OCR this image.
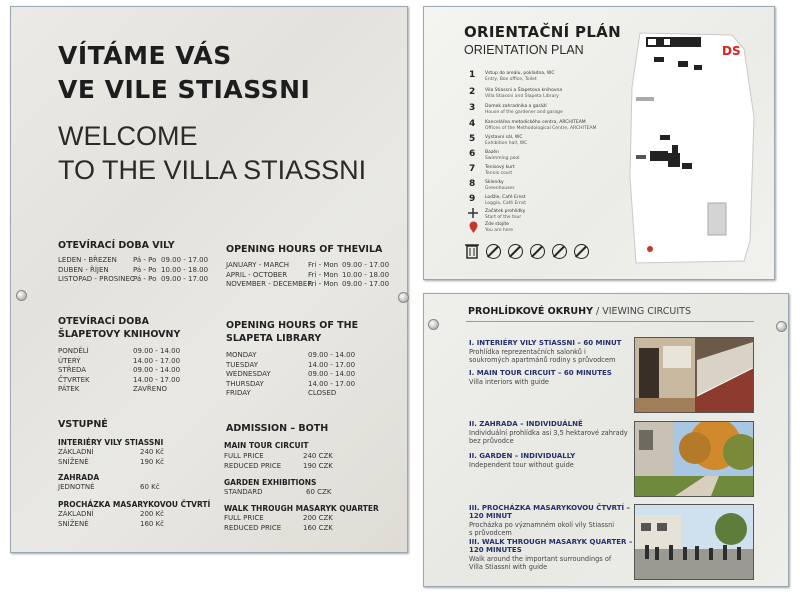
VÍTÁME VÁS
VE VILE STIASSNI
WELCOME
TO THE VILLA STIASSNI
OTEVÍRACÍ DOBA VILY
LEDEN - BŘEZEN
DUBEN - ŘÍJEN
LISTOPAD - PROSINEC
Pá - Po
Pá - Po
Pá - Po
09.00 - 17.00
10.00 - 18.00
09.00 - 17.00
OPENING HOURS OF THEVILA
JANUARY - MARCH
APRIL - OCTOBER
NOVEMBER - DECEMBER
Fri - Mon
Fri - Mon
Fri - Mon
09.00 - 17.00
10.00 - 18.00
09.00 - 17.00
OTEVÍRACÍ DOBA
ŠLAPETOVY KNIHOVNY
PONDĚLÍ
ÚTERÝ
STŘEDA
ČTVRTEK
PÁTEK
09.00 - 14.00
14.00 - 17.00
09.00 - 14.00
14.00 - 17.00
ZAVŘENO
OPENING HOURS OF THE
SLAPETA LIBRARY
MONDAY
TUESDAY
WEDNESDAY
THURSDAY
FRIDAY
09.00 - 14.00
14.00 - 17.00
09.00 - 14.00
14.00 - 17.00
CLOSED
VSTUPNÉ
INTERIÉRY VILY STIASSNI
ZÁKLADNÍ
SNÍŽENÉ
240 Kč
190 Kč
ZAHRADA
JEDNOTNÉ	60 Kč
PROCHÁZKA MASARYKOVOU ČTVRTÍ
ZÁKLADNÍ
SNÍŽENÉ
200 Kč
160 Kč
ADMISSION – BOTH
MAIN TOUR CIRCUIT
FULL PRICE
REDUCED PRICE
240 CZK
190 CZK
GARDEN EXHIBITIONS
STANDARD	60 CZK
WALK THROUGH MASARYK QUARTER
FULL PRICE
REDUCED PRICE
200 CZK
160 CZK
ORIENTAČNÍ PLÁN
ORIENTATION PLAN
1 Vstup do areálu, pokladna, WC
Entry, Box office, Toilet
2 Vila Stiassni a Šlapetova knihovna
Villa Stiassni and Šlapeta Library
3 Domek zahradníka a garáží
House of the gardener and garage
4 Kancelářea metodického centra, ARCHITEAM
Offices of the Methodological Centre, ARCHITEAM
5 Výstavní sál, WC
Exhibition hall, WC
6 Bazén
Swimming pool
7 Tenisový kurt
Tennis court
8 Skleníky
Greenhouses
9 Lodžie, Café Ernst
Loggia, Café Ernst
Začátek prohlídky
Start of the tour
Zde stojíte
You are here
DS
PROHLÍDKOVÉ OKRUHY / VIEWING CIRCUITS
I. INTERIÉRY VILY STIASSNI – 60 MINUT
Prohlídka reprezentačních salonků i
soukromých apartmánů rodiny s průvodcem
I. MAIN TOUR CIRCUIT – 60 MINUTES
Villa interiors with guide
II. ZAHRADA – INDIVIDUÁLNĚ
Individuální prohlídka asi 3,5 hektarové zahrady
bez průvodce
II. GARDEN – INDIVIDUALLY
Independent tour without guide
III. PROCHÁZKA MASARYKOVOU ČTVRTÍ –
120 MINUT
Procházka po významném okolí vily Stiassni
s průvodcem
III. WALK THROUGH MASARYK QUARTER –
120 MINUTES
Walk around the important surroundings of
Villa Stiassni with guide
